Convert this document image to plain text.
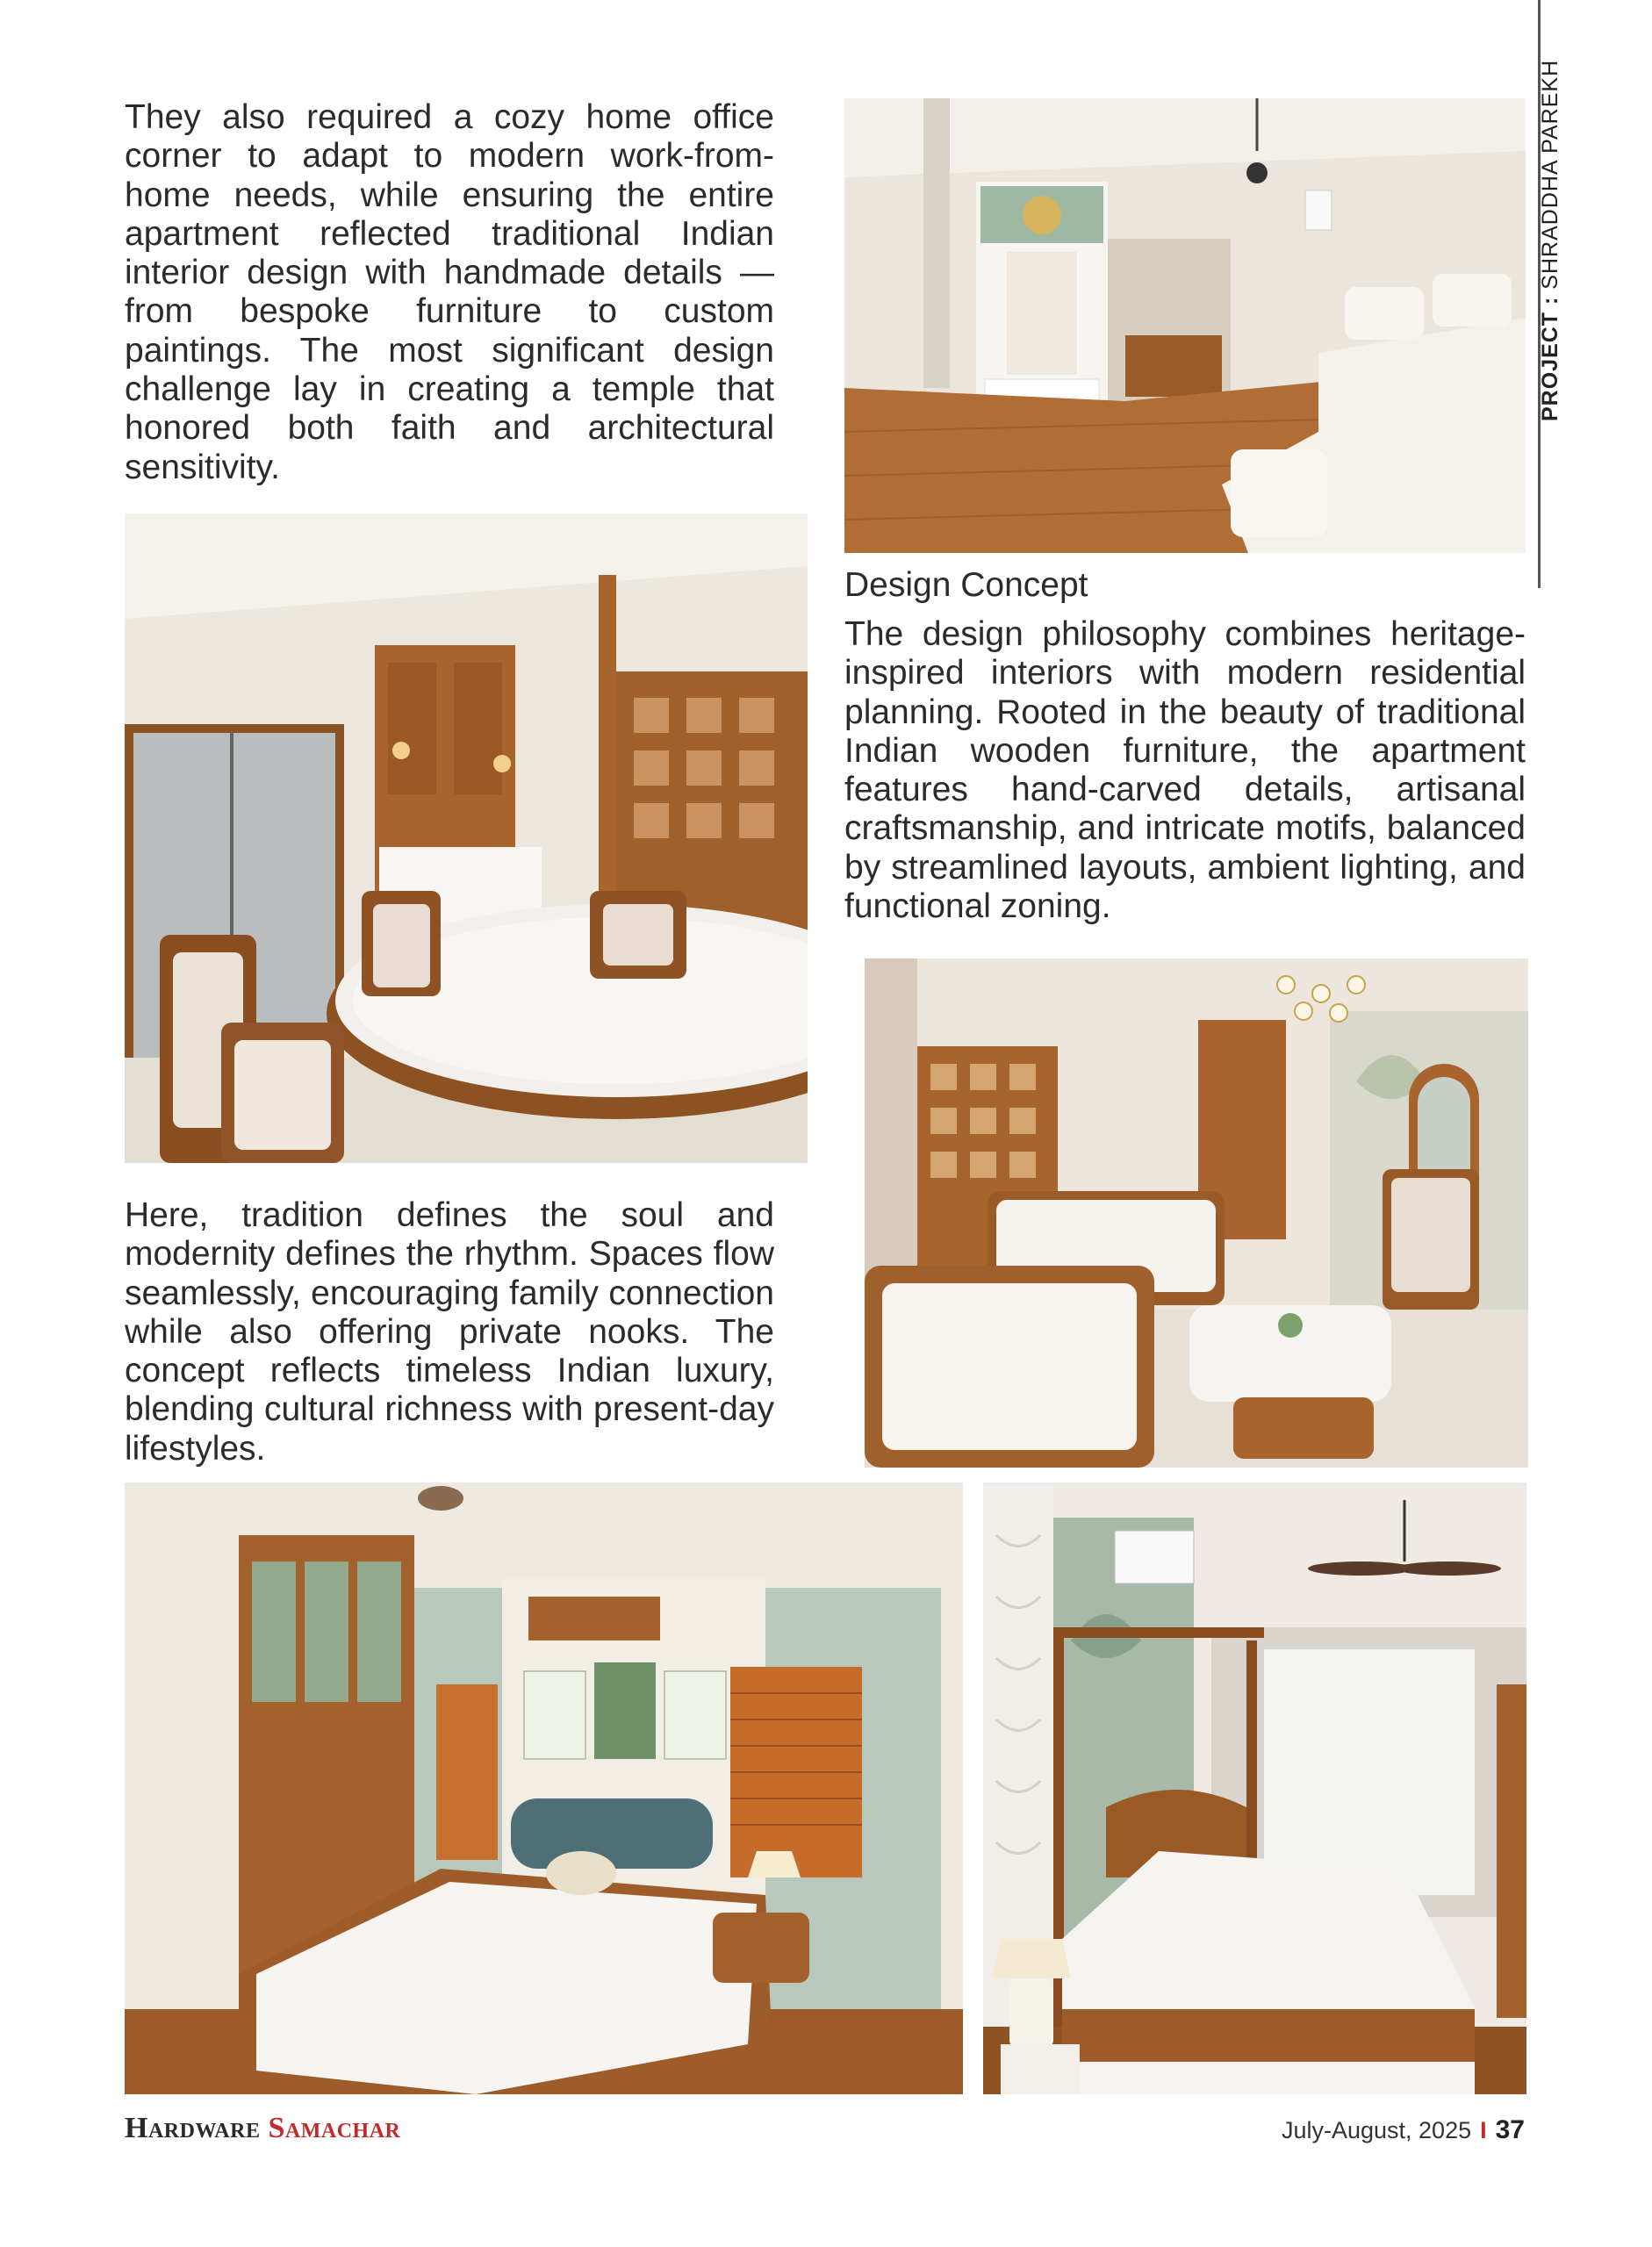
PROJECT : SHRADDHA PAREKH

They also required a cozy home office corner to adapt to modern work-from-home needs, while ensuring the entire apartment reflected traditional Indian interior design with handmade details — from bespoke furniture to custom paintings. The most significant design challenge lay in creating a temple that honored both faith and architectural sensitivity.

Design Concept

The design philosophy combines heritage-inspired interiors with modern residential planning. Rooted in the beauty of traditional Indian wooden furniture, the apartment features hand-carved details, artisanal craftsmanship, and intricate motifs, balanced by streamlined layouts, ambient lighting, and functional zoning.

Here, tradition defines the soul and modernity defines the rhythm. Spaces flow seamlessly, encouraging family connection while also offering private nooks. The concept reflects timeless Indian luxury, blending cultural richness with present-day lifestyles.

Hardware Samachar	July-August, 2025 I 37
